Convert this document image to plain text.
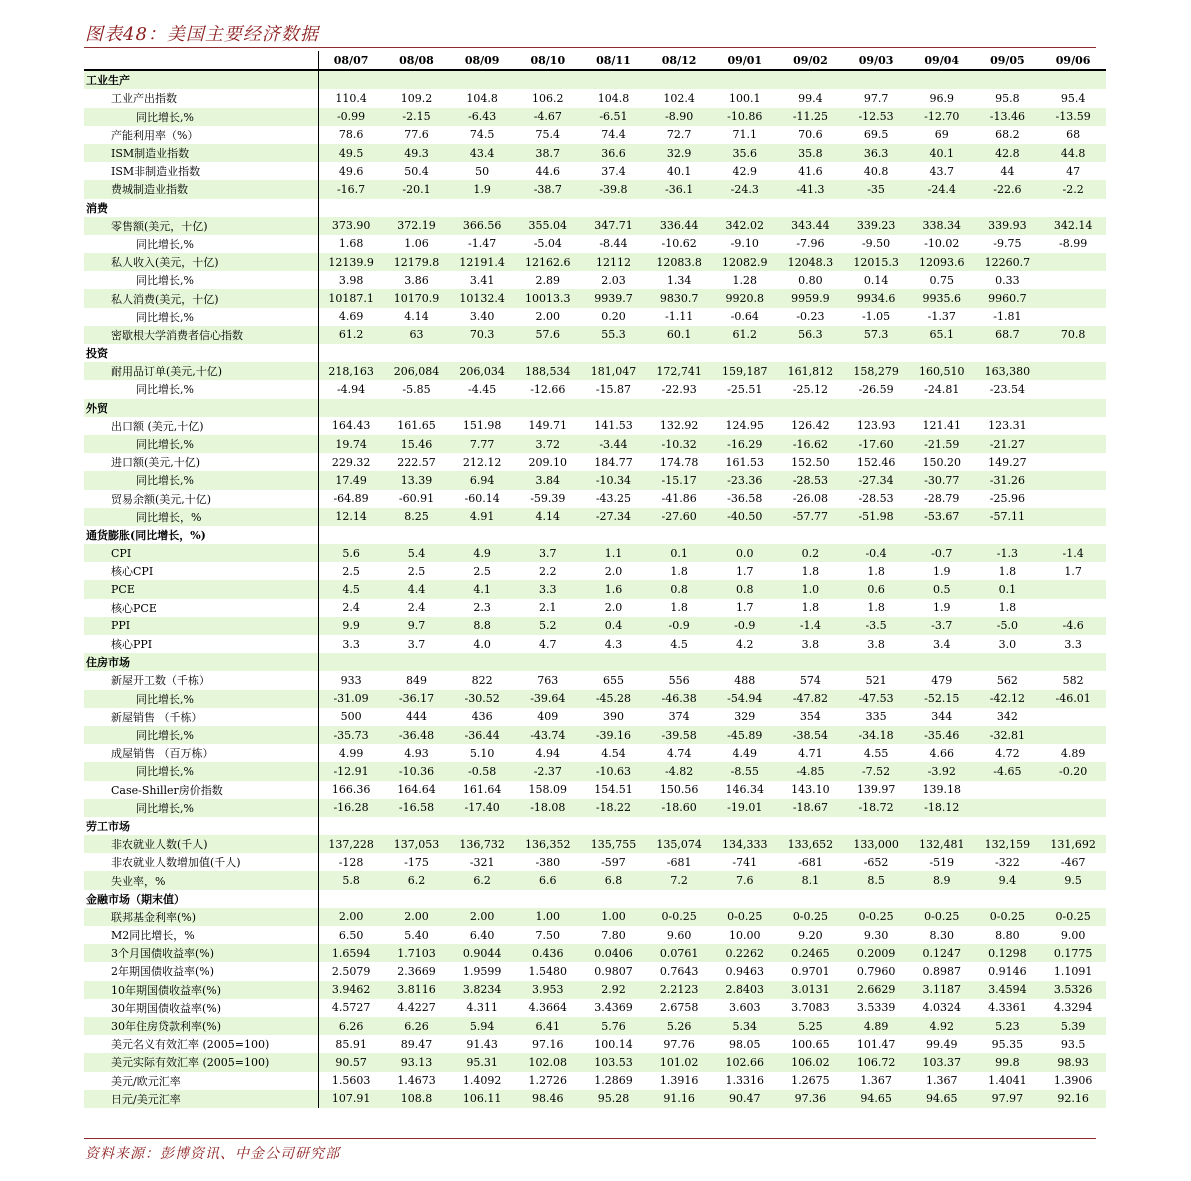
图表48：美国主要经济数据
	08/07	08/08	08/09	08/10	08/11	08/12	09/01	09/02	09/03	09/04	09/05	09/06
工业生产												
工业产出指数	110.4	109.2	104.8	106.2	104.8	102.4	100.1	99.4	97.7	96.9	95.8	95.4
同比增长,%	-0.99	-2.15	-6.43	-4.67	-6.51	-8.90	-10.86	-11.25	-12.53	-12.70	-13.46	-13.59
产能利用率（%）	78.6	77.6	74.5	75.4	74.4	72.7	71.1	70.6	69.5	69	68.2	68
ISM制造业指数	49.5	49.3	43.4	38.7	36.6	32.9	35.6	35.8	36.3	40.1	42.8	44.8
ISM非制造业指数	49.6	50.4	50	44.6	37.4	40.1	42.9	41.6	40.8	43.7	44	47
费城制造业指数	-16.7	-20.1	1.9	-38.7	-39.8	-36.1	-24.3	-41.3	-35	-24.4	-22.6	-2.2
消费												
零售额(美元，十亿)	373.90	372.19	366.56	355.04	347.71	336.44	342.02	343.44	339.23	338.34	339.93	342.14
同比增长,%	1.68	1.06	-1.47	-5.04	-8.44	-10.62	-9.10	-7.96	-9.50	-10.02	-9.75	-8.99
私人收入(美元，十亿)	12139.9	12179.8	12191.4	12162.6	12112	12083.8	12082.9	12048.3	12015.3	12093.6	12260.7	
同比增长,%	3.98	3.86	3.41	2.89	2.03	1.34	1.28	0.80	0.14	0.75	0.33	
私人消费(美元，十亿)	10187.1	10170.9	10132.4	10013.3	9939.7	9830.7	9920.8	9959.9	9934.6	9935.6	9960.7	
同比增长,%	4.69	4.14	3.40	2.00	0.20	-1.11	-0.64	-0.23	-1.05	-1.37	-1.81	
密歇根大学消费者信心指数	61.2	63	70.3	57.6	55.3	60.1	61.2	56.3	57.3	65.1	68.7	70.8
投资												
耐用品订单(美元,十亿)	218,163	206,084	206,034	188,534	181,047	172,741	159,187	161,812	158,279	160,510	163,380	
同比增长,%	-4.94	-5.85	-4.45	-12.66	-15.87	-22.93	-25.51	-25.12	-26.59	-24.81	-23.54	
外贸												
出口额 (美元,十亿)	164.43	161.65	151.98	149.71	141.53	132.92	124.95	126.42	123.93	121.41	123.31	
同比增长,%	19.74	15.46	7.77	3.72	-3.44	-10.32	-16.29	-16.62	-17.60	-21.59	-21.27	
进口额(美元,十亿)	229.32	222.57	212.12	209.10	184.77	174.78	161.53	152.50	152.46	150.20	149.27	
同比增长,%	17.49	13.39	6.94	3.84	-10.34	-15.17	-23.36	-28.53	-27.34	-30.77	-31.26	
贸易余额(美元,十亿)	-64.89	-60.91	-60.14	-59.39	-43.25	-41.86	-36.58	-26.08	-28.53	-28.79	-25.96	
同比增长，%	12.14	8.25	4.91	4.14	-27.34	-27.60	-40.50	-57.77	-51.98	-53.67	-57.11	
通货膨胀(同比增长，%)												
CPI	5.6	5.4	4.9	3.7	1.1	0.1	0.0	0.2	-0.4	-0.7	-1.3	-1.4
核心CPI	2.5	2.5	2.5	2.2	2.0	1.8	1.7	1.8	1.8	1.9	1.8	1.7
PCE	4.5	4.4	4.1	3.3	1.6	0.8	0.8	1.0	0.6	0.5	0.1	
核心PCE	2.4	2.4	2.3	2.1	2.0	1.8	1.7	1.8	1.8	1.9	1.8	
PPI	9.9	9.7	8.8	5.2	0.4	-0.9	-0.9	-1.4	-3.5	-3.7	-5.0	-4.6
核心PPI	3.3	3.7	4.0	4.7	4.3	4.5	4.2	3.8	3.8	3.4	3.0	3.3
住房市场												
新屋开工数（千栋）	933	849	822	763	655	556	488	574	521	479	562	582
同比增长,%	-31.09	-36.17	-30.52	-39.64	-45.28	-46.38	-54.94	-47.82	-47.53	-52.15	-42.12	-46.01
新屋销售 （千栋）	500	444	436	409	390	374	329	354	335	344	342	
同比增长,%	-35.73	-36.48	-36.44	-43.74	-39.16	-39.58	-45.89	-38.54	-34.18	-35.46	-32.81	
成屋销售 （百万栋）	4.99	4.93	5.10	4.94	4.54	4.74	4.49	4.71	4.55	4.66	4.72	4.89
同比增长,%	-12.91	-10.36	-0.58	-2.37	-10.63	-4.82	-8.55	-4.85	-7.52	-3.92	-4.65	-0.20
Case-Shiller房价指数	166.36	164.64	161.64	158.09	154.51	150.56	146.34	143.10	139.97	139.18		
同比增长,%	-16.28	-16.58	-17.40	-18.08	-18.22	-18.60	-19.01	-18.67	-18.72	-18.12		
劳工市场												
非农就业人数(千人)	137,228	137,053	136,732	136,352	135,755	135,074	134,333	133,652	133,000	132,481	132,159	131,692
非农就业人数增加值(千人)	-128	-175	-321	-380	-597	-681	-741	-681	-652	-519	-322	-467
失业率，%	5.8	6.2	6.2	6.6	6.8	7.2	7.6	8.1	8.5	8.9	9.4	9.5
金融市场（期末值）												
联邦基金利率(%)	2.00	2.00	2.00	1.00	1.00	0-0.25	0-0.25	0-0.25	0-0.25	0-0.25	0-0.25	0-0.25
M2同比增长，%	6.50	5.40	6.40	7.50	7.80	9.60	10.00	9.20	9.30	8.30	8.80	9.00
3个月国债收益率(%)	1.6594	1.7103	0.9044	0.436	0.0406	0.0761	0.2262	0.2465	0.2009	0.1247	0.1298	0.1775
2年期国债收益率(%)	2.5079	2.3669	1.9599	1.5480	0.9807	0.7643	0.9463	0.9701	0.7960	0.8987	0.9146	1.1091
10年期国债收益率(%)	3.9462	3.8116	3.8234	3.953	2.92	2.2123	2.8403	3.0131	2.6629	3.1187	3.4594	3.5326
30年期国债收益率(%)	4.5727	4.4227	4.311	4.3664	3.4369	2.6758	3.603	3.7083	3.5339	4.0324	4.3361	4.3294
30年住房贷款利率(%)	6.26	6.26	5.94	6.41	5.76	5.26	5.34	5.25	4.89	4.92	5.23	5.39
美元名义有效汇率 (2005=100)	85.91	89.47	91.43	97.16	100.14	97.76	98.05	100.65	101.47	99.49	95.35	93.5
美元实际有效汇率 (2005=100)	90.57	93.13	95.31	102.08	103.53	101.02	102.66	106.02	106.72	103.37	99.8	98.93
美元/欧元汇率	1.5603	1.4673	1.4092	1.2726	1.2869	1.3916	1.3316	1.2675	1.367	1.367	1.4041	1.3906
日元/美元汇率	107.91	108.8	106.11	98.46	95.28	91.16	90.47	97.36	94.65	94.65	97.97	92.16
资料来源：彭博资讯、中金公司研究部
